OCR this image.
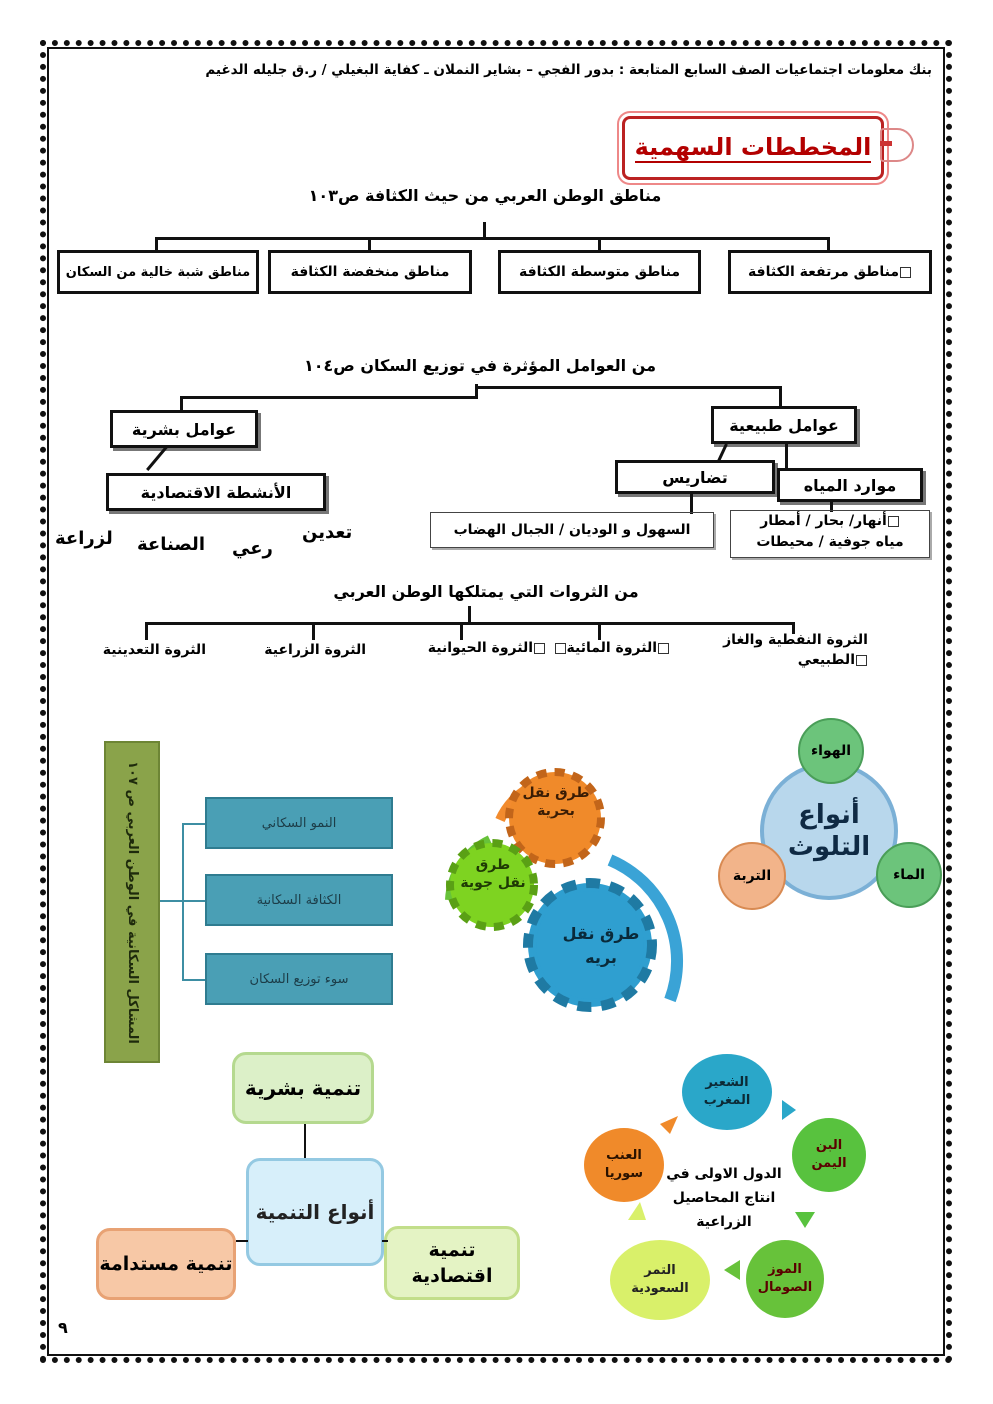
بنك معلومات اجتماعيات الصف السابع المتابعة : بدور الفجي – بشاير النملان ـ كفاية البغيلي / ر.ق جليله الدغيم
المخططات السهمية
مناطق الوطن العربي من حيث الكثافة ص١٠٣
مناطق مرتفعة الكثافة
مناطق متوسطة الكثافة
مناطق منخفضة الكثافة
مناطق شبة خالية من السكان
من العوامل المؤثرة في توزيع السكان ص١٠٤
عوامل طبيعية
عوامل بشرية
الأنشطة الاقتصادية
تضاريس	موارد المياه
السهول و الوديان / الجبال الهضاب
أنهار/ بحار / أمطار
مياه جوفية / محيطات
لزراعة الصناعة رعي
تعدين
من الثروات التي يمتلكها الوطن العربي
الثروة النفطية والغاز
الطبيعي
الثروة المائية
الثروة الحيوانية
الثروة الزراعية
الثروة التعدينية
المشاكل السكانية في الوطن العربي ص ١٠٧	النمو السكاني
الكثافة السكانية
سوء توزيع السكان
طرق نقل بحرية
طرق نقل جوية
طرق نقل بريه
أنواع التلوث
الهواء
الماء
التربة
أنواع التنمية
تنمية بشرية
تنمية مستدامة
تنمية اقتصادية
الدول الاولى في انتاج المحاصيل الزراعية
الشعير
المغرب
البن
اليمن
الموز
الصومال
التمر
السعودية
العنب
سوريا
٩
